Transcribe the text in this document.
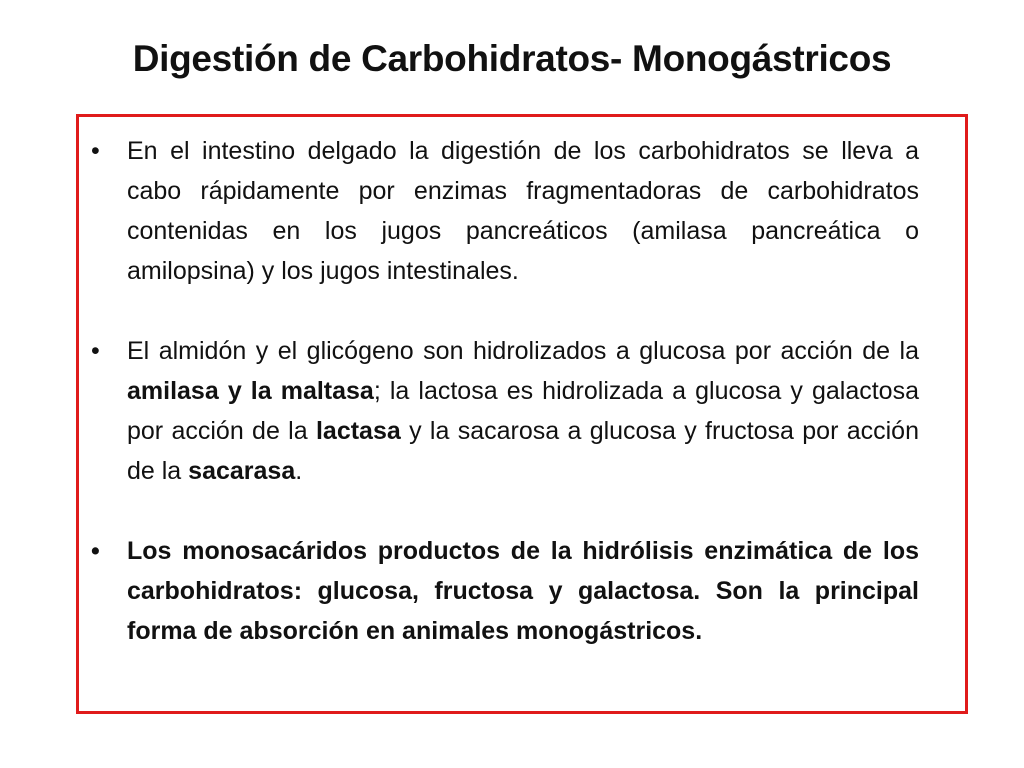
Digestión de Carbohidratos- Monogástricos
• En el intestino delgado la digestión de los carbohidratos se lleva a cabo rápidamente por enzimas fragmentadoras de carbohidratos contenidas en los jugos pancreáticos (amilasa pancreática o amilopsina) y los jugos intestinales.
• El almidón y el glicógeno son hidrolizados a glucosa por acción de la amilasa y la maltasa; la lactosa es hidrolizada a glucosa y galactosa por acción de la lactasa y la sacarosa a glucosa y fructosa por acción de la sacarasa.
• Los monosacáridos productos de la hidrólisis enzimática de los carbohidratos: glucosa, fructosa y galactosa. Son la principal forma de absorción en animales monogástricos.
